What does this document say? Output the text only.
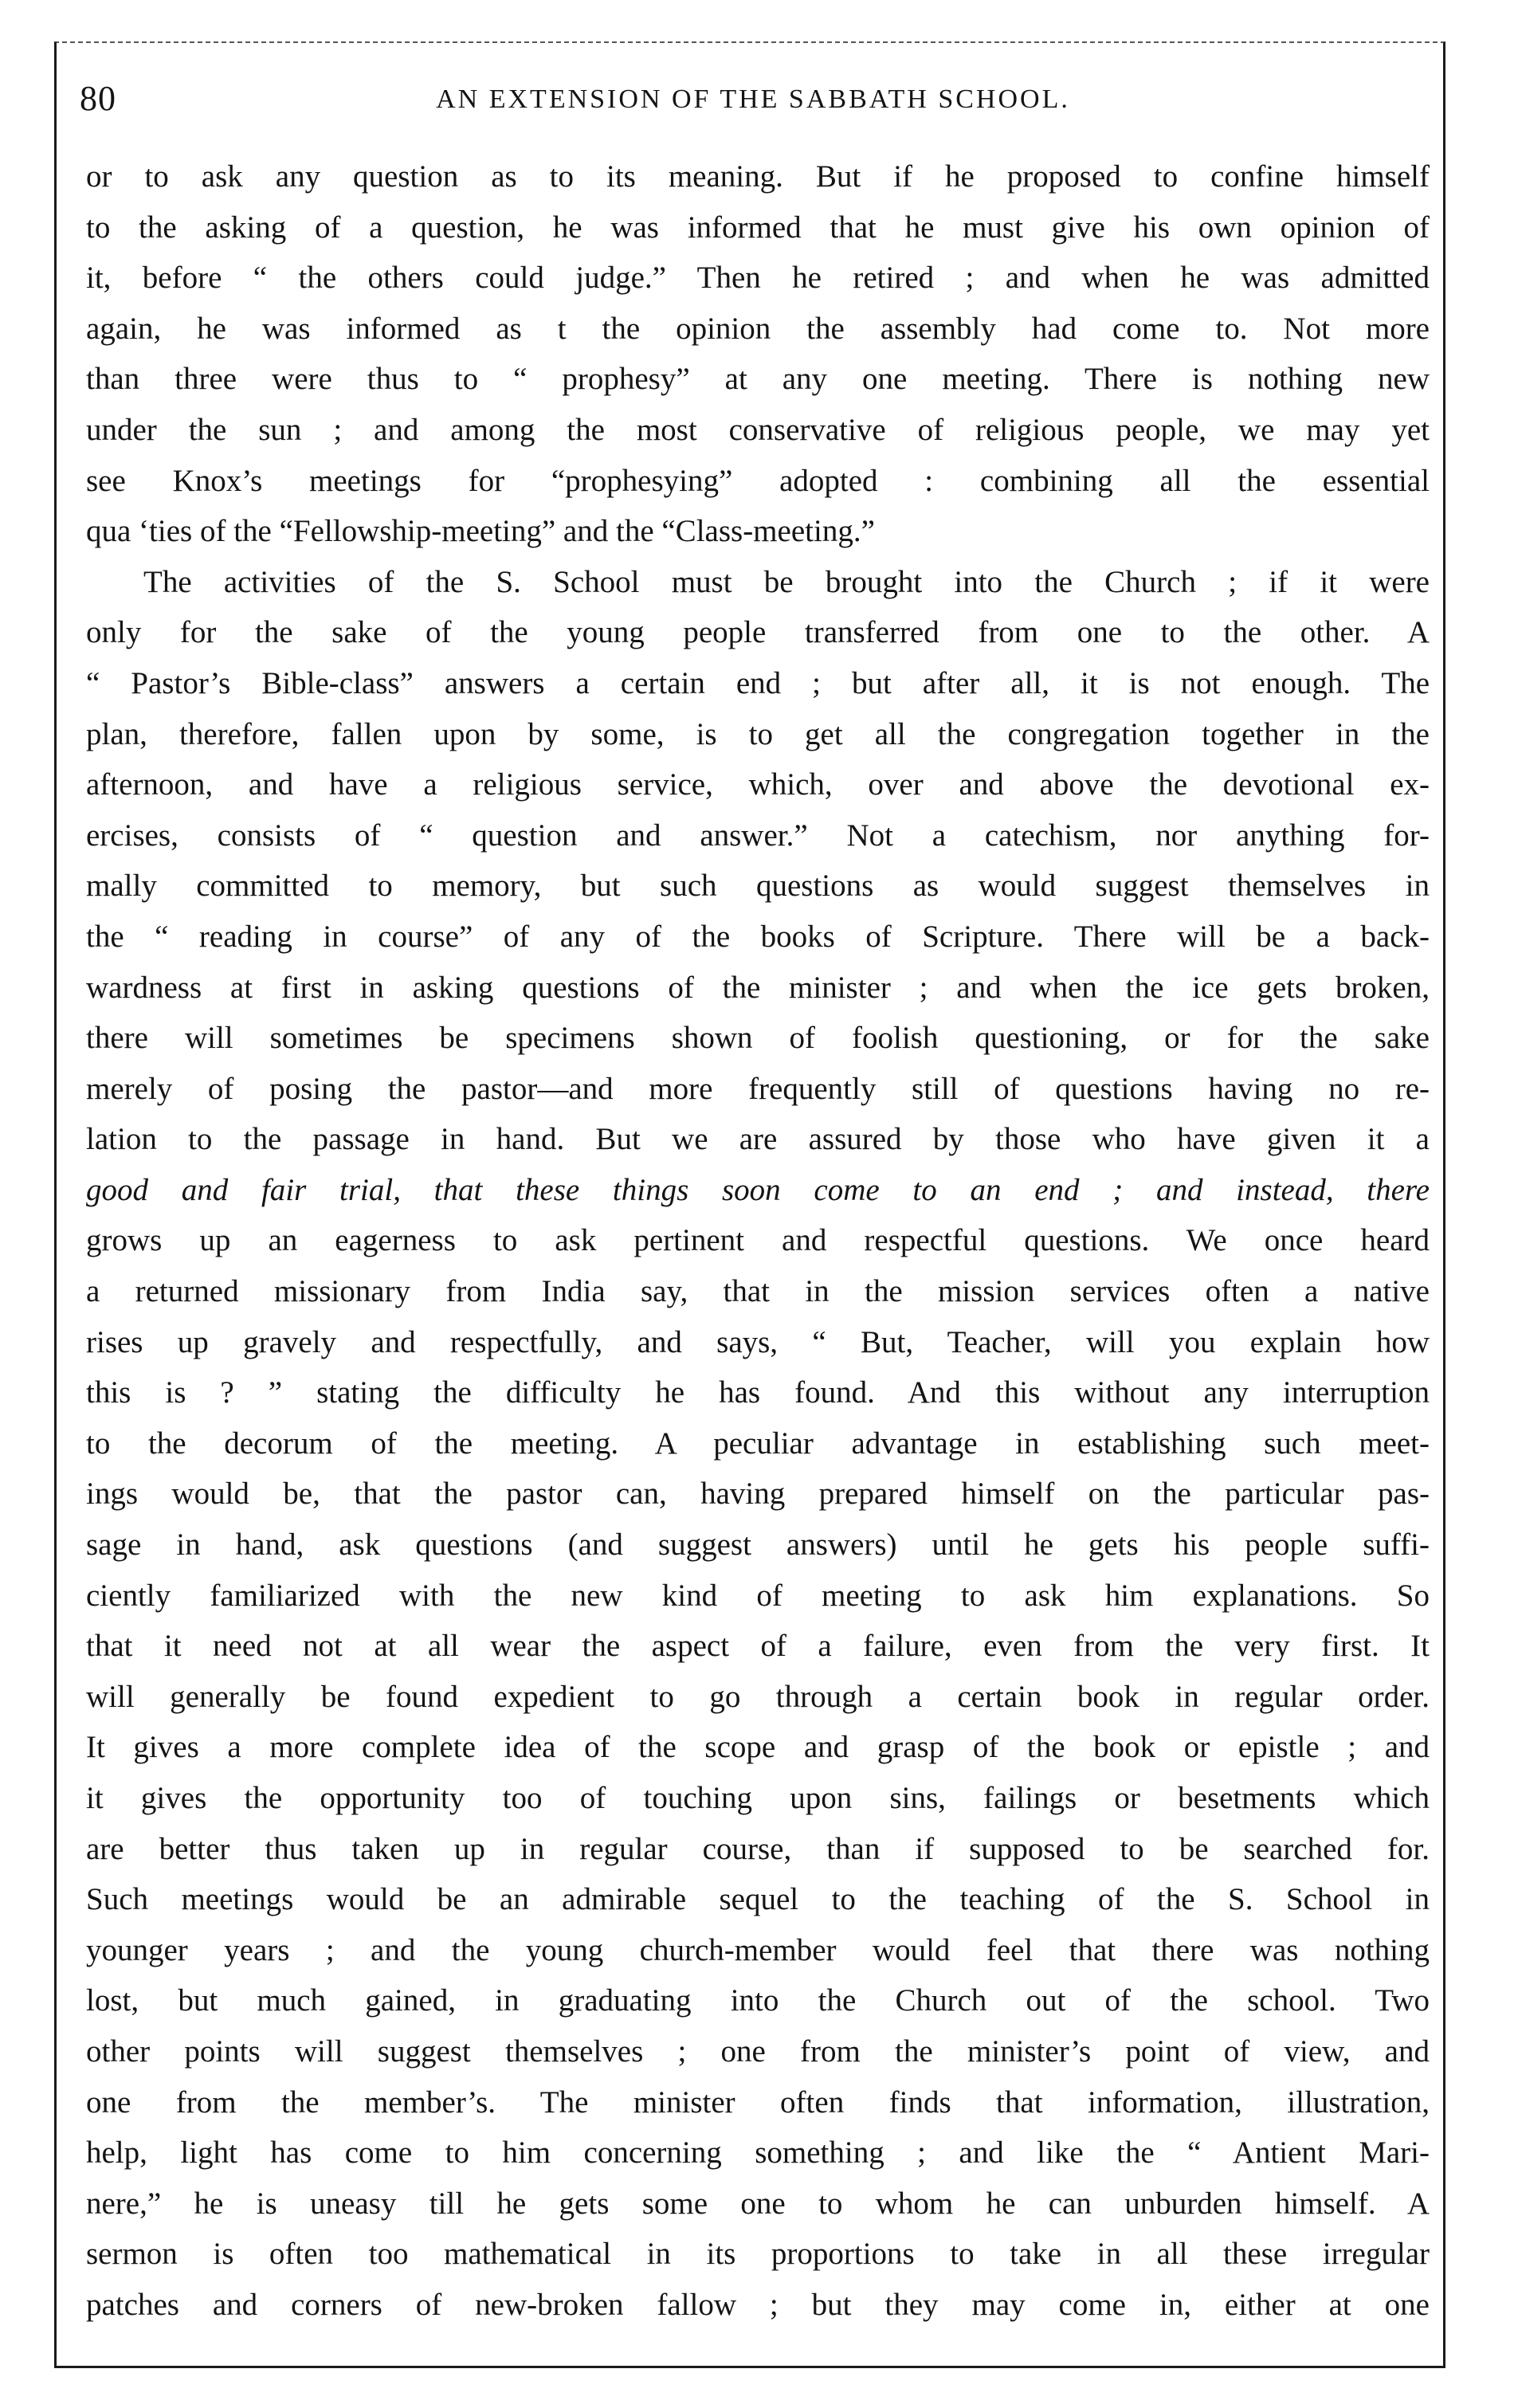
80	AN EXTENSION OF THE SABBATH SCHOOL.
or to ask any question as to its meaning. But if he proposed to confine himself
to the asking of a question, he was informed that he must give his own opinion of
it, before “ the others could judge.” Then he retired ; and when he was admitted
again, he was informed as t the opinion the assembly had come to. Not more
than three were thus to “ prophesy” at any one meeting. There is nothing new
under the sun ; and among the most conservative of religious people, we may yet
see Knox’s meetings for “prophesying” adopted : combining all the essential
qua ‘ties of the “Fellowship-meeting” and the “Class-meeting.”
The activities of the S. School must be brought into the Church ; if it were
only for the sake of the young people transferred from one to the other. A
“ Pastor’s Bible-class” answers a certain end ; but after all, it is not enough. The
plan, therefore, fallen upon by some, is to get all the congregation together in the
afternoon, and have a religious service, which, over and above the devotional ex-
ercises, consists of “ question and answer.” Not a catechism, nor anything for-
mally committed to memory, but such questions as would suggest themselves in
the “ reading in course” of any of the books of Scripture. There will be a back-
wardness at first in asking questions of the minister ; and when the ice gets broken,
there will sometimes be specimens shown of foolish questioning, or for the sake
merely of posing the pastor—and more frequently still of questions having no re-
lation to the passage in hand. But we are assured by those who have given it a
good and fair trial, that these things soon come to an end ; and instead, there
grows up an eagerness to ask pertinent and respectful questions. We once heard
a returned missionary from India say, that in the mission services often a native
rises up gravely and respectfully, and says, “ But, Teacher, will you explain how
this is ? ” stating the difficulty he has found. And this without any interruption
to the decorum of the meeting. A peculiar advantage in establishing such meet-
ings would be, that the pastor can, having prepared himself on the particular pas-
sage in hand, ask questions (and suggest answers) until he gets his people suffi-
ciently familiarized with the new kind of meeting to ask him explanations. So
that it need not at all wear the aspect of a failure, even from the very first. It
will generally be found expedient to go through a certain book in regular order.
It gives a more complete idea of the scope and grasp of the book or epistle ; and
it gives the opportunity too of touching upon sins, failings or besetments which
are better thus taken up in regular course, than if supposed to be searched for.
Such meetings would be an admirable sequel to the teaching of the S. School in
younger years ; and the young church-member would feel that there was nothing
lost, but much gained, in graduating into the Church out of the school. Two
other points will suggest themselves ; one from the minister’s point of view, and
one from the member’s. The minister often finds that information, illustration,
help, light has come to him concerning something ; and like the “ Antient Mari-
nere,” he is uneasy till he gets some one to whom he can unburden himself. A
sermon is often too mathematical in its proportions to take in all these irregular
patches and corners of new-broken fallow ; but they may come in, either at one
